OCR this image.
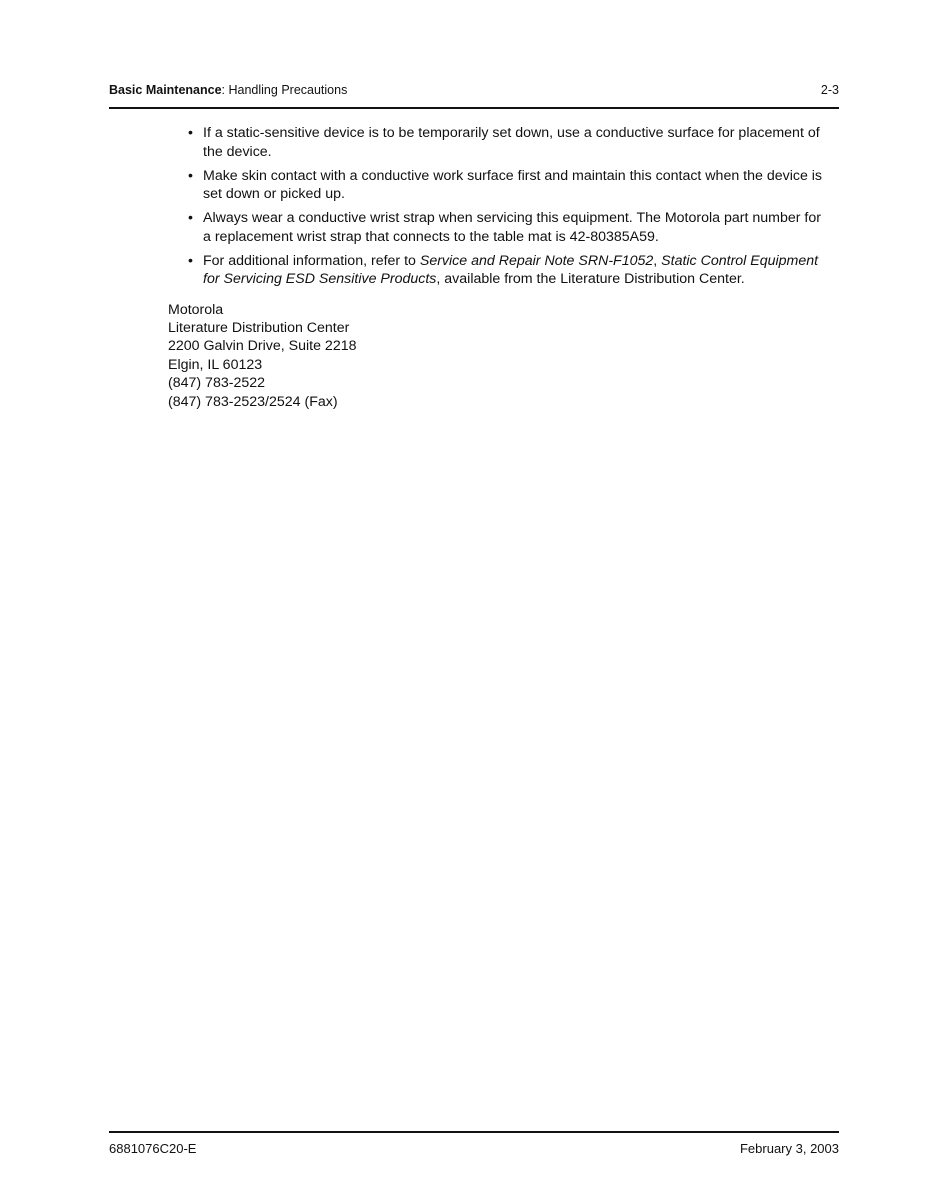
Basic Maintenance: Handling Precautions	2-3
• If a static-sensitive device is to be temporarily set down, use a conductive surface for placement of the device.
• Make skin contact with a conductive work surface first and maintain this contact when the device is set down or picked up.
• Always wear a conductive wrist strap when servicing this equipment. The Motorola part number for a replacement wrist strap that connects to the table mat is 42-80385A59.
• For additional information, refer to Service and Repair Note SRN-F1052, Static Control Equipment for Servicing ESD Sensitive Products, available from the Literature Distribution Center.
Motorola
Literature Distribution Center
2200 Galvin Drive, Suite 2218
Elgin, IL 60123
(847) 783-2522
(847) 783-2523/2524 (Fax)
6881076C20-E	February 3, 2003
